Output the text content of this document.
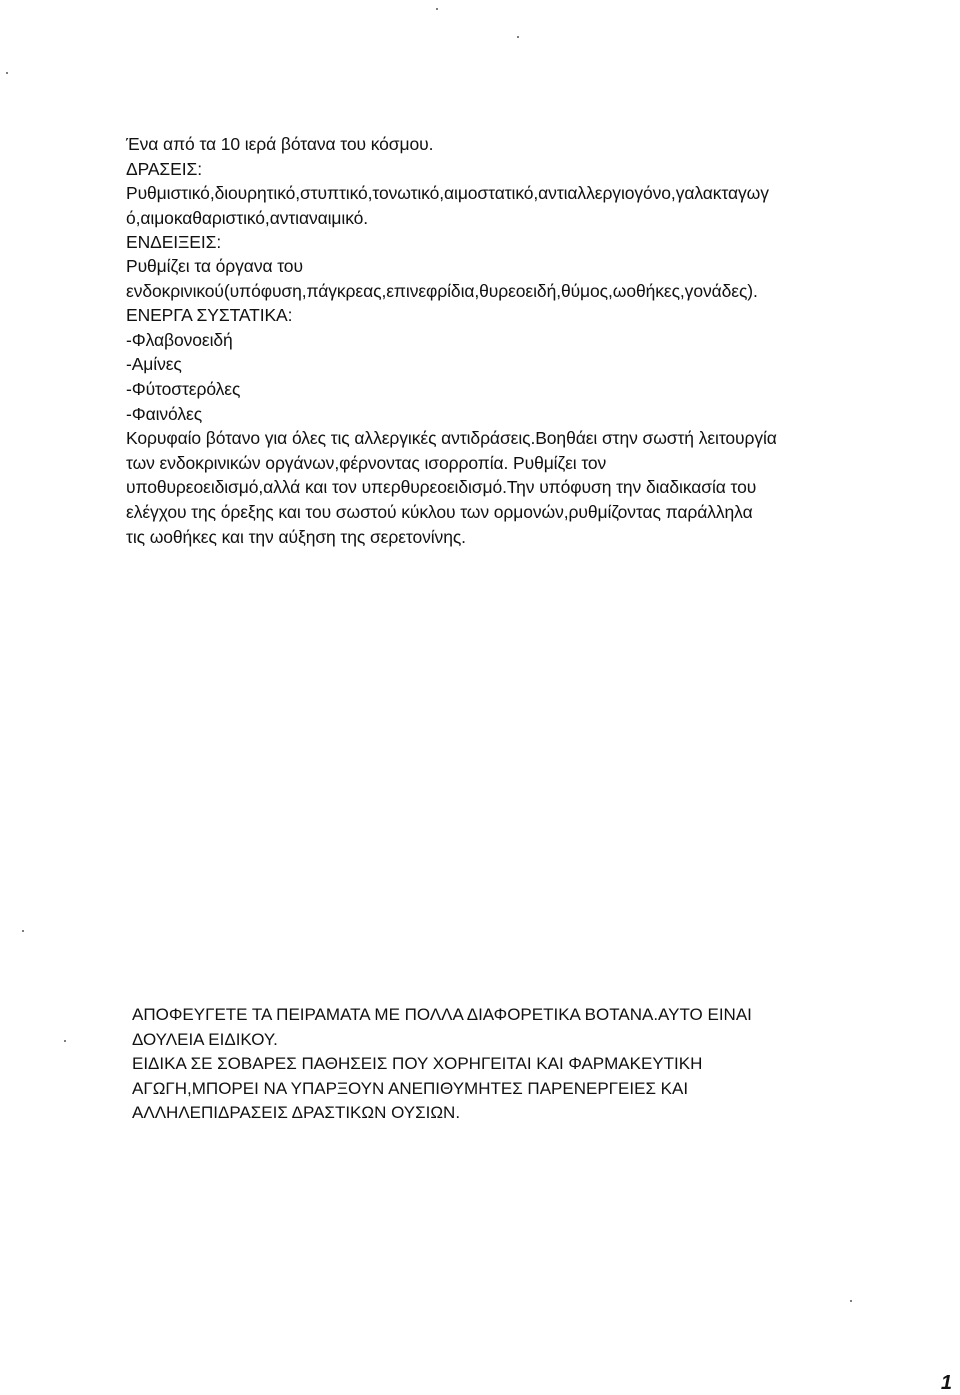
Ένα από τα 10 ιερά βότανα του κόσμου.
ΔΡΑΣΕΙΣ:
Ρυθμιστικό,διουρητικό,στυπτικό,τονωτικό,αιμοστατικό,αντιαλλεργιογόνο,γαλακταγωγ
ό,αιμοκαθαριστικό,αντιαναιμικό.
ΕΝΔΕΙΞΕΙΣ:
Ρυθμίζει τα όργανα του
ενδοκρινικού(υπόφυση,πάγκρεας,επινεφρίδια,θυρεοειδή,θύμος,ωοθήκες,γονάδες).
ΕΝΕΡΓΑ ΣΥΣΤΑΤΙΚΑ:
-Φλαβονοειδή
-Αμίνες
-Φύτοστερόλες
-Φαινόλες
Κορυφαίο βότανο για όλες τις αλλεργικές αντιδράσεις.Βοηθάει στην σωστή λειτουργία
των ενδοκρινικών οργάνων,φέρνοντας ισορροπία. Ρυθμίζει τον
υποθυρεοειδισμό,αλλά και τον υπερθυρεοειδισμό.Την υπόφυση την διαδικασία του
ελέγχου της όρεξης και του σωστού κύκλου των ορμονών,ρυθμίζοντας παράλληλα
τις ωοθήκες και την αύξηση της σερετονίνης.
ΑΠΟΦΕΥΓΕΤΕ ΤΑ ΠΕΙΡΑΜΑΤΑ ΜΕ ΠΟΛΛΑ ΔΙΑΦΟΡΕΤΙΚΑ ΒΟΤΑΝΑ.ΑΥΤΟ ΕΙΝΑΙ
ΔΟΥΛΕΙΑ ΕΙΔΙΚΟΥ.
ΕΙΔΙΚΑ ΣΕ ΣΟΒΑΡΕΣ ΠΑΘΗΣΕΙΣ ΠΟΥ ΧΟΡΗΓΕΙΤΑΙ ΚΑΙ ΦΑΡΜΑΚΕΥΤΙΚΗ
ΑΓΩΓΗ,ΜΠΟΡΕΙ ΝΑ ΥΠΑΡΞΟΥΝ ΑΝΕΠΙΘΥΜΗΤΕΣ ΠΑΡΕΝΕΡΓΕΙΕΣ ΚΑΙ
ΑΛΛΗΛΕΠΙΔΡΑΣΕΙΣ ΔΡΑΣΤΙΚΩΝ ΟΥΣΙΩΝ.
1
